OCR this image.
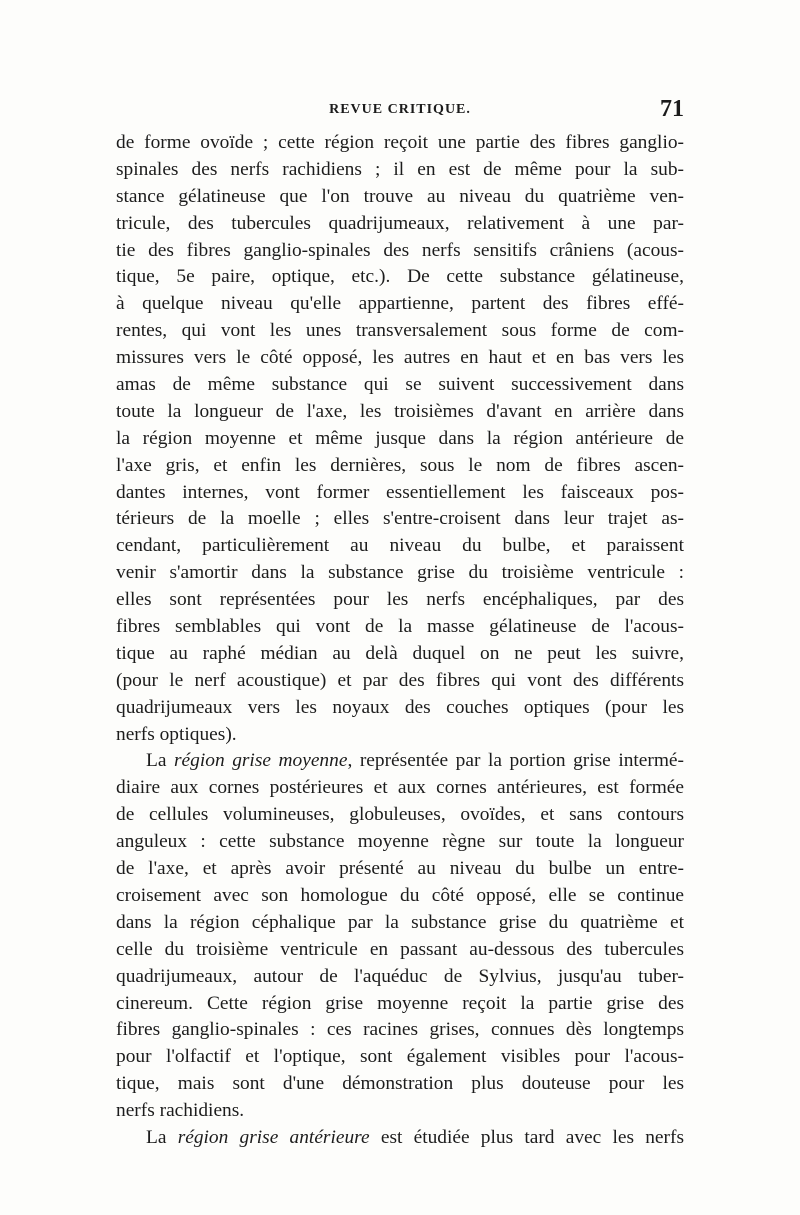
REVUE CRITIQUE.	71
de forme ovoïde ; cette région reçoit une partie des fibres ganglio-
spinales des nerfs rachidiens ; il en est de même pour la sub-
stance gélatineuse que l'on trouve au niveau du quatrième ven-
tricule, des tubercules quadrijumeaux, relativement à une par-
tie des fibres ganglio-spinales des nerfs sensitifs crâniens (acous-
tique, 5e paire, optique, etc.). De cette substance gélatineuse,
à quelque niveau qu'elle appartienne, partent des fibres effé-
rentes, qui vont les unes transversalement sous forme de com-
missures vers le côté opposé, les autres en haut et en bas vers les
amas de même substance qui se suivent successivement dans
toute la longueur de l'axe, les troisièmes d'avant en arrière dans
la région moyenne et même jusque dans la région antérieure de
l'axe gris, et enfin les dernières, sous le nom de fibres ascen-
dantes internes, vont former essentiellement les faisceaux pos-
térieurs de la moelle ; elles s'entre-croisent dans leur trajet as-
cendant, particulièrement au niveau du bulbe, et paraissent
venir s'amortir dans la substance grise du troisième ventricule :
elles sont représentées pour les nerfs encéphaliques, par des
fibres semblables qui vont de la masse gélatineuse de l'acous-
tique au raphé médian au delà duquel on ne peut les suivre,
(pour le nerf acoustique) et par des fibres qui vont des différents
quadrijumeaux vers les noyaux des couches optiques (pour les
nerfs optiques).
La région grise moyenne, représentée par la portion grise intermé-
diaire aux cornes postérieures et aux cornes antérieures, est formée
de cellules volumineuses, globuleuses, ovoïdes, et sans contours
anguleux : cette substance moyenne règne sur toute la longueur
de l'axe, et après avoir présenté au niveau du bulbe un entre-
croisement avec son homologue du côté opposé, elle se continue
dans la région céphalique par la substance grise du quatrième et
celle du troisième ventricule en passant au-dessous des tubercules
quadrijumeaux, autour de l'aquéduc de Sylvius, jusqu'au tuber-
cinereum. Cette région grise moyenne reçoit la partie grise des
fibres ganglio-spinales : ces racines grises, connues dès longtemps
pour l'olfactif et l'optique, sont également visibles pour l'acous-
tique, mais sont d'une démonstration plus douteuse pour les
nerfs rachidiens.
La région grise antérieure est étudiée plus tard avec les nerfs
